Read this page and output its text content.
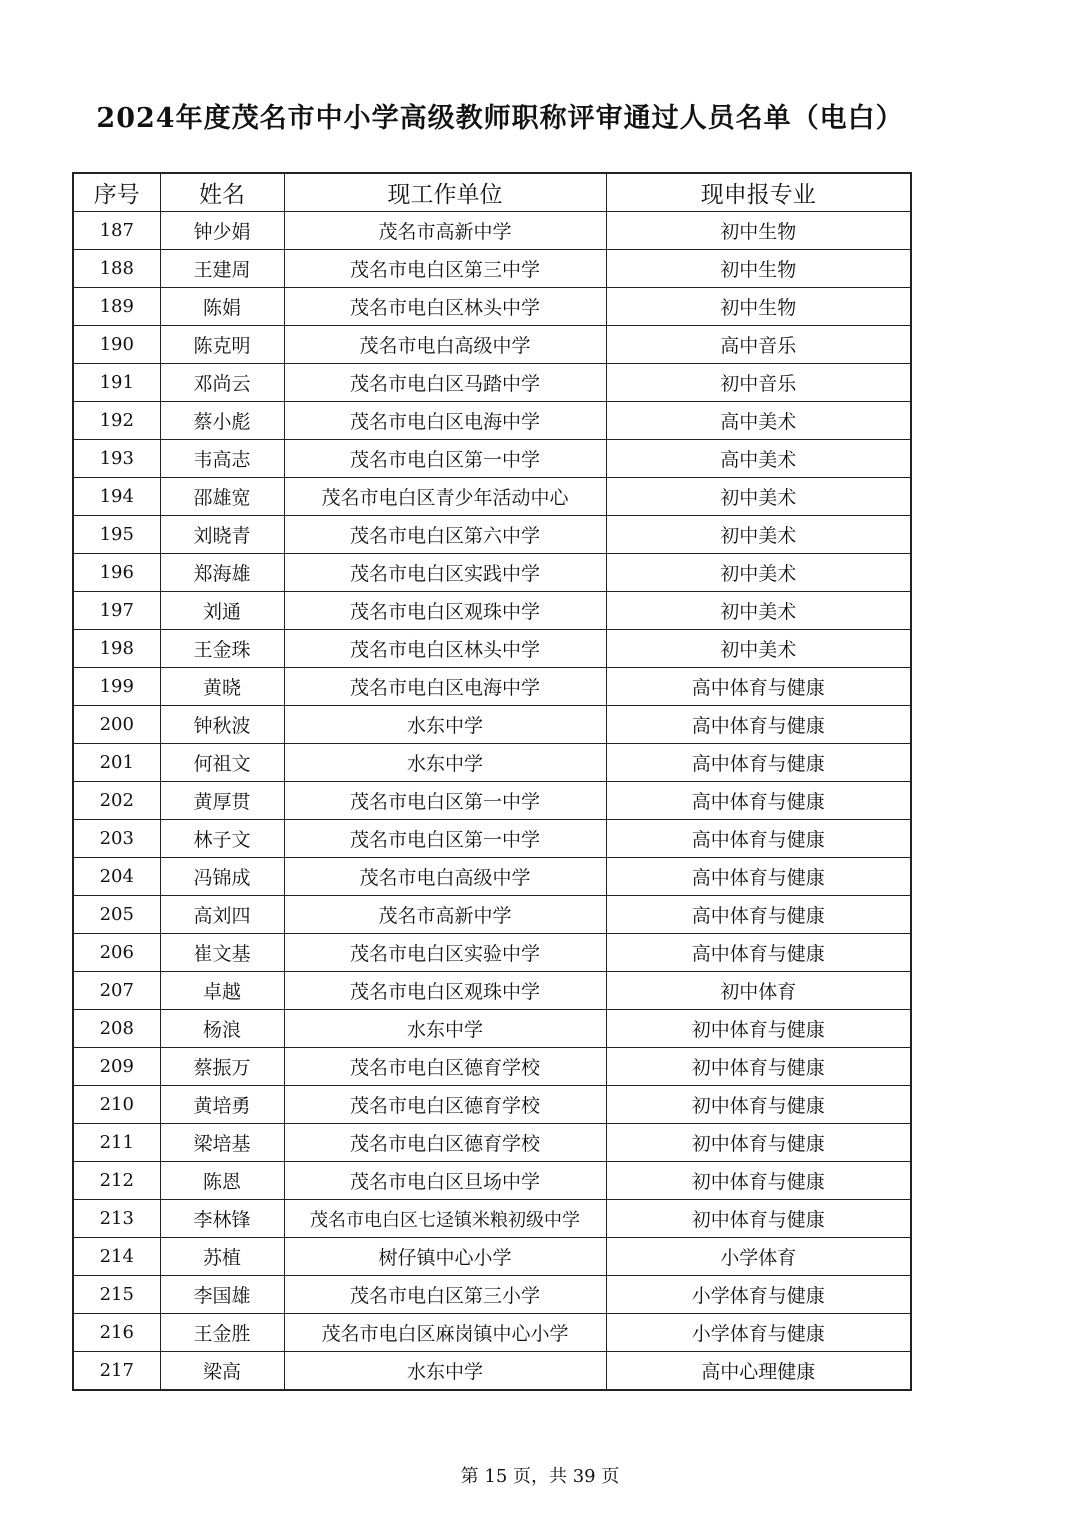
2024年度茂名市中小学高级教师职称评审通过人员名单（电白）
序号	姓名	现工作单位	现申报专业
187	钟少娟	茂名市高新中学	初中生物
188	王建周	茂名市电白区第三中学	初中生物
189	陈娟	茂名市电白区林头中学	初中生物
190	陈克明	茂名市电白高级中学	高中音乐
191	邓尚云	茂名市电白区马踏中学	初中音乐
192	蔡小彪	茂名市电白区电海中学	高中美术
193	韦高志	茂名市电白区第一中学	高中美术
194	邵雄宽	茂名市电白区青少年活动中心	初中美术
195	刘晓青	茂名市电白区第六中学	初中美术
196	郑海雄	茂名市电白区实践中学	初中美术
197	刘通	茂名市电白区观珠中学	初中美术
198	王金珠	茂名市电白区林头中学	初中美术
199	黄晓	茂名市电白区电海中学	高中体育与健康
200	钟秋波	水东中学	高中体育与健康
201	何祖文	水东中学	高中体育与健康
202	黄厚贯	茂名市电白区第一中学	高中体育与健康
203	林子文	茂名市电白区第一中学	高中体育与健康
204	冯锦成	茂名市电白高级中学	高中体育与健康
205	高刘四	茂名市高新中学	高中体育与健康
206	崔文基	茂名市电白区实验中学	高中体育与健康
207	卓越	茂名市电白区观珠中学	初中体育
208	杨浪	水东中学	初中体育与健康
209	蔡振万	茂名市电白区德育学校	初中体育与健康
210	黄培勇	茂名市电白区德育学校	初中体育与健康
211	梁培基	茂名市电白区德育学校	初中体育与健康
212	陈恩	茂名市电白区旦场中学	初中体育与健康
213	李林锋	茂名市电白区七迳镇米粮初级中学	初中体育与健康
214	苏植	树仔镇中心小学	小学体育
215	李国雄	茂名市电白区第三小学	小学体育与健康
216	王金胜	茂名市电白区麻岗镇中心小学	小学体育与健康
217	梁高	水东中学	高中心理健康
第 15 页，共 39 页
